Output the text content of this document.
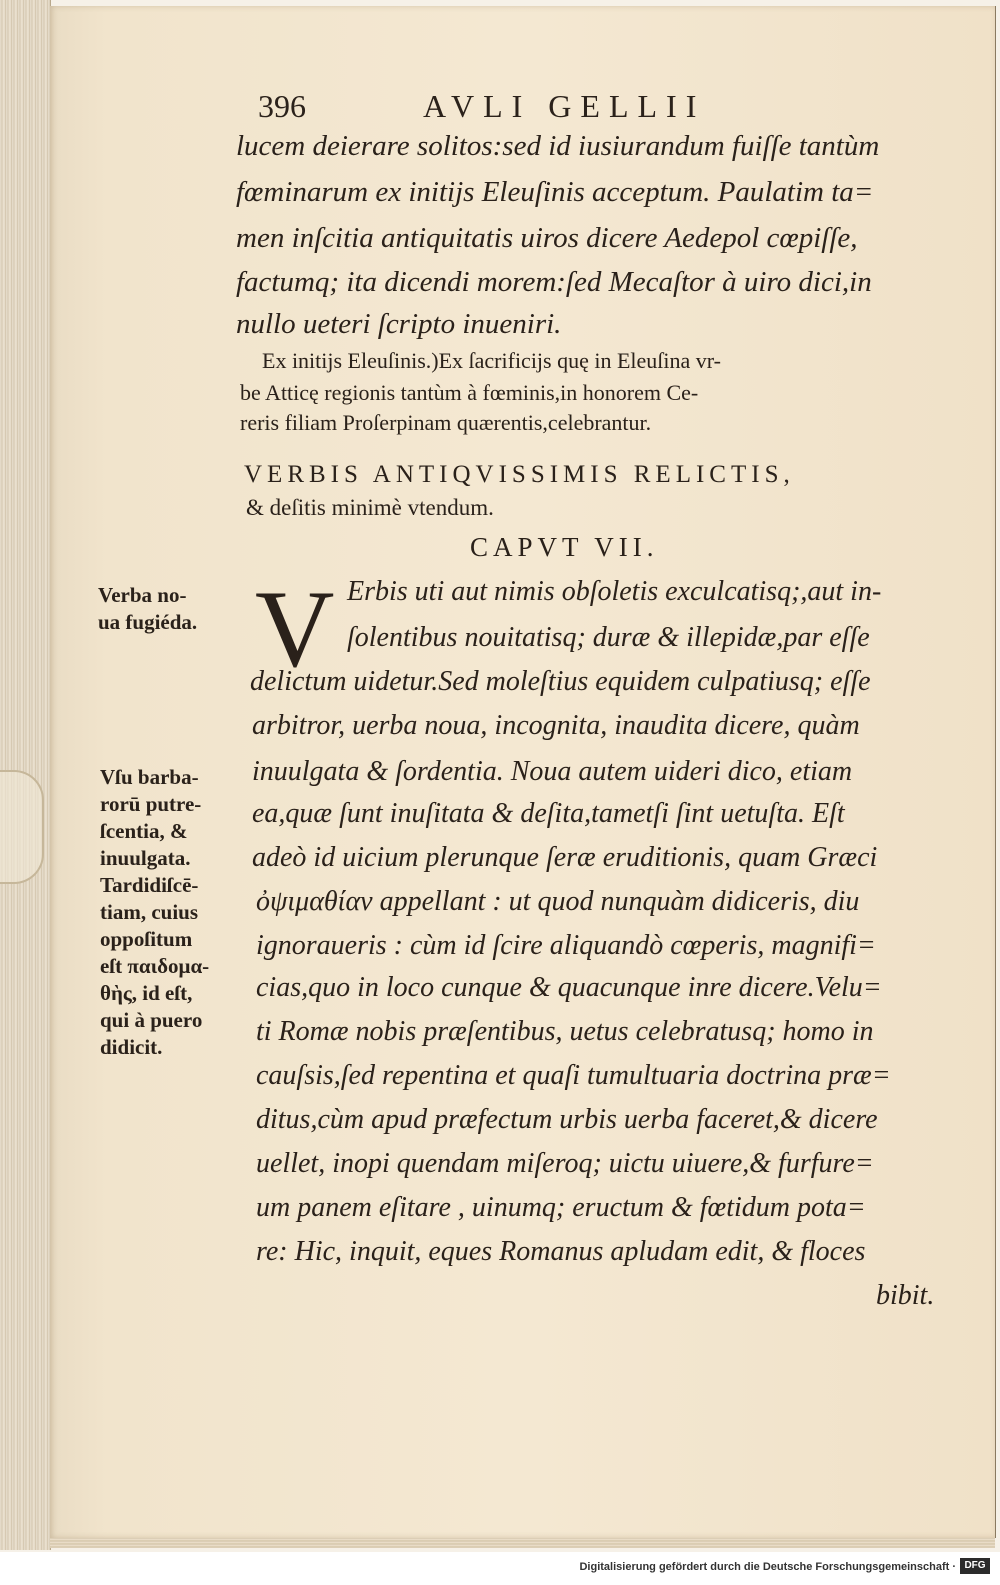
396	AVLI GELLII
lucem deierare solitos:sed id iusiurandum fuiſſe tantùm
fœminarum ex initijs Eleuſinis acceptum. Paulatim ta=
men inſcitia antiquitatis uiros dicere Aedepol cœpiſſe,
factumq; ita dicendi morem:ſed Mecaſtor à uiro dici,in
nullo ueteri ſcripto inueniri.
Ex initijs Eleuſinis.)Ex ſacrificijs quę in Eleuſina vr-
be Atticę regionis tantùm à fœminis,in honorem Ce-
reris filiam Proſerpinam quærentis,celebrantur.
VERBIS ANTIQVISSIMIS RELICTIS,
& deſitis minimè vtendum.
CAPVT VII.
V Erbis uti aut nimis obſoletis exculcatisq;,aut in-
ſolentibus nouitatisq; duræ & illepidæ,par eſſe
delictum uidetur.Sed moleſtius equidem culpatiusq; eſſe
arbitror, uerba noua, incognita, inaudita dicere, quàm
inuulgata & ſordentia. Noua autem uideri dico, etiam
ea,quæ ſunt inuſitata & deſita,tametſi ſint uetuſta. Eſt
adeò id uicium plerunque ſeræ eruditionis, quam Græci
ὀψιμαθίαν appellant : ut quod nunquàm didiceris, diu
ignoraueris : cùm id ſcire aliquandò cœperis, magnifi=
cias,quo in loco cunque & quacunque inre dicere.Velu=
ti Romæ nobis præſentibus, uetus celebratusq; homo in
cauſsis,ſed repentina et quaſi tumultuaria doctrina præ=
ditus,cùm apud præfectum urbis uerba faceret,& dicere
uellet, inopi quendam miſeroq; uictu uiuere,& furfure=
um panem eſitare , uinumq; eructum & fœtidum pota=
re: Hic, inquit, eques Romanus apludam edit, & floces
bibit.
Verba no-
ua fugiéda.
Vſu barba-
rorū putre-
ſcentia, &
inuulgata.
Tardidiſcē-
tiam, cuius
oppoſitum
eſt παιδομα-
θὴς, id eſt,
qui à puero
didicit.
Digitalisierung gefördert durch die Deutsche Forschungsgemeinschaft · DFG
